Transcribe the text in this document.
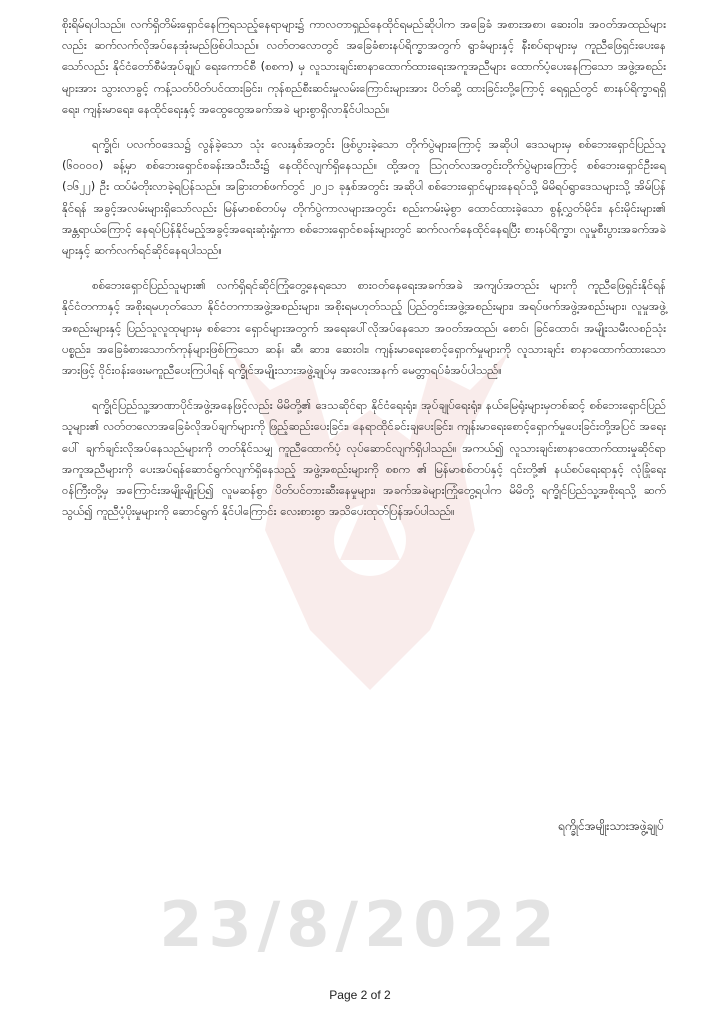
စိုးရိမ်ရပါသည်။ လက်ရှိတိမ်းရှောင်နေကြရသည့်နေရာများ၌ ကာလတာရှည်နေထိုင်ရမည်ဆိုပါက အခြေခံ အစားအစာ၊ ဆေးဝါး၊ အဝတ်အထည်များလည်း ဆက်လက်လိုအပ်နေအုံးမည်ဖြစ်ပါသည်။ လတ်တလောတွင် အခြေခံစားနပ်ရိက္ခာအတွက် ရွာခံများနှင့် နီးစပ်ရာများမှ ကူညီဖြေရှင်းပေးနေသော်လည်း နိုင်ငံတော်စီမံအုပ်ချုပ် ရေးကောင်စီ (စစက) မှ လူသားချင်းစာနာထောက်ထားရေးအကူအညီများ ထောက်ပံ့ပေးနေကြသော အဖွဲ့အစည်းများအား သွားလာခွင့် ကန့်သတ်ပိတ်ပင်ထားခြင်း၊ ကုန်စည်စီးဆင်းမှုလမ်းကြောင်းများအား ပိတ်ဆို့ ထားခြင်းတို့ကြောင့် ရေရှည်တွင် စားနပ်ရိက္ခာရရှိရေး၊ ကျန်းမာရေး၊ နေထိုင်ရေးနှင့် အထွေထွေအခက်အခဲ များစွာရှိလာနိုင်ပါသည်။

ရက္ခိုင်၊ ပလက်ဝဒေသ၌ လွန်ခဲ့သော သုံး လေးနှစ်အတွင်း ဖြစ်ပွားခဲ့သော တိုက်ပွဲများကြောင့် အဆိုပါ ဒေသများမှ စစ်ဘေးရှောင်ပြည်သူ (၆၀၀၀၀) ခန့်မှာ စစ်ဘေးရှောင်စခန်းအသီးသီး၌ နေထိုင်လျက်ရှိနေသည်။ ထို့အတူ ဩဂုတ်လအတွင်းတိုက်ပွဲများကြောင့် စစ်ဘေးရှောင်ဦးရေ (၁၆၂၂) ဦး ထပ်မံတိုးလာခဲ့ရပြန်သည်။ အခြားတစ်ဖက်တွင် ၂၀၂၁ ခုနှစ်အတွင်း အဆိုပါ စစ်ဘေးရှောင်များနေရပ်သို့ မိမိရပ်ရွာဒေသများသို့ အိမ်ပြန်နိုင်ရန် အခွင့်အလမ်းများရှိသော်လည်း မြန်မာစစ်တပ်မှ တိုက်ပွဲကာလများအတွင်း စည်းကမ်းမဲ့စွာ ထောင်ထားခဲ့သော စွန့်လွှတ်မိုင်း၊ နင်းမိုင်းများ၏ အန္တရာယ်ကြောင့် နေရပ်ပြန်နိုင်မည့်အခွင့်အရေးဆုံးရှုံးကာ စစ်ဘေးရှောင်စခန်းများတွင် ဆက်လက်နေထိုင်နေရပြီး စားနပ်ရိက္ခာ၊ လူမှုစီးပွားအခက်အခဲများနှင့် ဆက်လက်ရင်ဆိုင်နေရပါသည်။

စစ်ဘေးရှောင်ပြည်သူများ၏ လက်ရှိရင်ဆိုင်ကြုံတွေ့နေရသော စားဝတ်နေရေးအခက်အခဲ အကျပ်အတည်း များကို ကူညီဖြေရှင်းနိုင်ရန် နိုင်ငံတကာနှင့် အစိုးရမဟုတ်သော နိုင်ငံတကာအဖွဲ့အစည်းများ၊ အစိုးရမဟုတ်သည့် ပြည်တွင်းအဖွဲ့အစည်းများ၊ အရပ်ဖက်အဖွဲ့အစည်းများ၊ လူမှုအဖွဲ့အစည်းများနှင့် ပြည်သူလူထုများမှ စစ်ဘေး ရှောင်များအတွက် အရေးပေါ်လိုအပ်နေသော အဝတ်အထည်၊ စောင်၊ ခြင်ထောင်၊ အမျိုးသမီးလစဉ်သုံးပစ္စည်း၊ အခြေခံစားသောက်ကုန်များဖြစ်ကြသော ဆန်၊ ဆီ၊ ဆား၊ ဆေးဝါး၊ ကျန်းမာရေးစောင့်ရှောက်မှုများကို လူသားချင်း စာနာထောက်ထားသောအားဖြင့် ဝိုင်းဝန်းဖေးမကူညီပေးကြပါရန် ရက္ခိုင်အမျိုးသားအဖွဲ့ချုပ်မှ အလေးအနက် မေတ္တာရပ်ခံအပ်ပါသည်။

ရက္ခိုင်ပြည်သူ့အာဏာပိုင်အဖွဲ့အနေဖြင့်လည်း မိမိတို့၏ ဒေသဆိုင်ရာ နိုင်ငံရေးရုံး၊ အုပ်ချုပ်ရေးရုံး၊ နယ်မြေရုံးများမှတစ်ဆင့် စစ်ဘေးရှောင်ပြည်သူများ၏ လတ်တလောအခြေခံလိုအပ်ချက်များကို ဖြည့်ဆည်းပေးခြင်း၊ နေရာထိုင်ခင်းချပေးခြင်း၊ ကျန်းမာရေးစောင့်ရှောက်မှုပေးခြင်းတို့အပြင် အရေးပေါ် ချက်ချင်းလိုအပ်နေသည်များကို တတ်နိုင်သမျှ ကူညီထောက်ပံ့ လုပ်ဆောင်လျက်ရှိပါသည်။ အကယ်၍ လူသားချင်းစာနာထောက်ထားမှုဆိုင်ရာ အကူအညီများကို ပေးအပ်ရန်ဆောင်ရွက်လျက်ရှိနေသည့် အဖွဲ့အစည်းများကို စစက ၏ မြန်မာစစ်တပ်နှင့် ၎င်းတို့၏ နယ်စပ်ရေးရာနှင့် လုံခြုံရေးဝန်ကြီးတို့မှ အကြောင်းအမျိုးမျိုးပြ၍ လူမဆန်စွာ ပိတ်ပင်တားဆီးနေမှုများ၊ အခက်အခဲများကြုံတွေ့ရပါက မိမိတို့ ရက္ခိုင်ပြည်သူ့အစိုးရသို့ ဆက်သွယ်၍ ကူညီပံ့ပိုးမှုများကို ဆောင်ရွက် နိုင်ပါကြောင်း လေးစားစွာ အသိပေးထုတ်ပြန်အပ်ပါသည်။

ရက္ခိုင်အမျိုးသားအဖွဲ့ချုပ်
23/8/2022
Page 2 of 2
